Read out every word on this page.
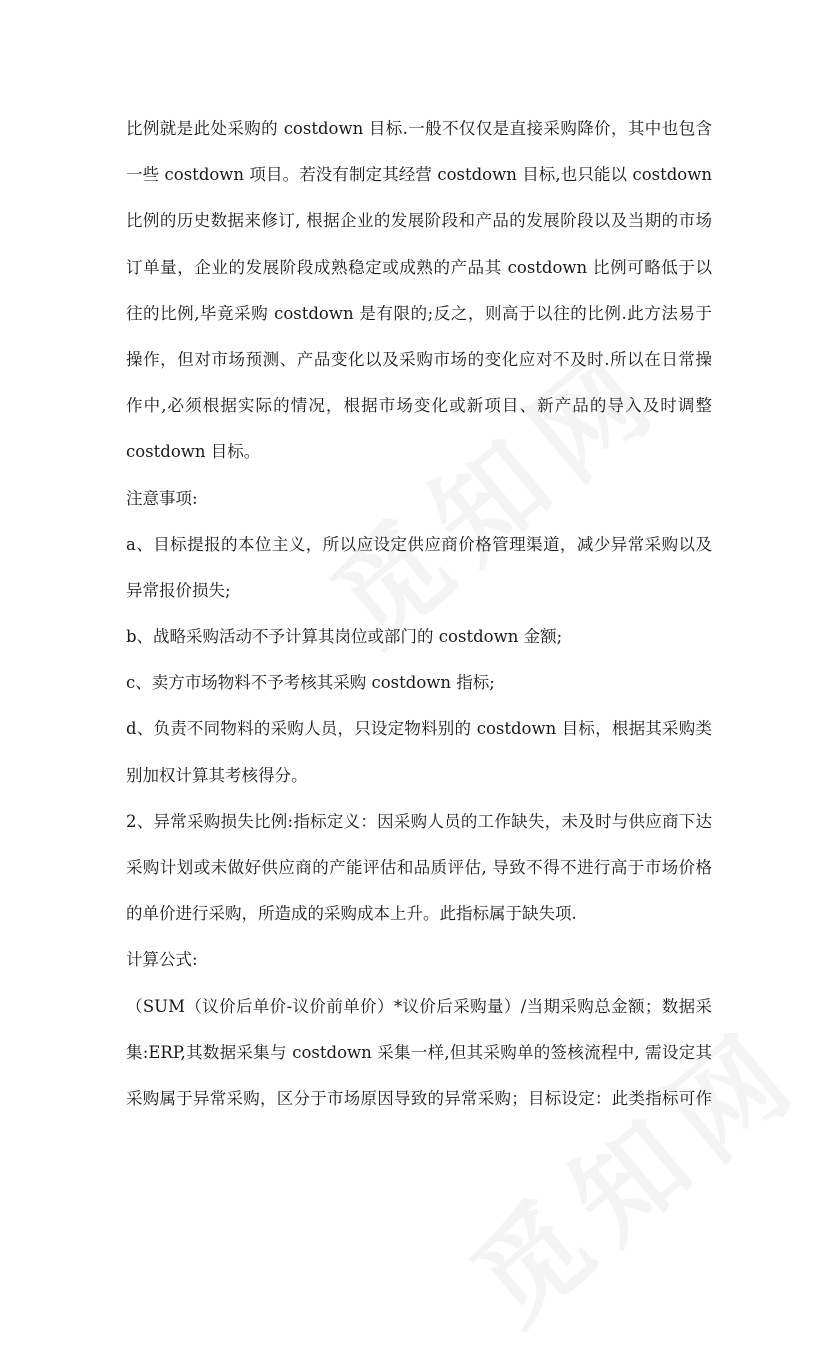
比例就是此处采购的 costdown 目标.一般不仅仅是直接采购降价，其中也包含
一些 costdown 项目。若没有制定其经营 costdown 目标,也只能以 costdown
比例的历史数据来修订, 根据企业的发展阶段和产品的发展阶段以及当期的市场
订单量，企业的发展阶段成熟稳定或成熟的产品其 costdown 比例可略低于以
往的比例,毕竟采购 costdown 是有限的;反之，则高于以往的比例.此方法易于
操作，但对市场预测、产品变化以及采购市场的变化应对不及时.所以在日常操
作中,必须根据实际的情况，根据市场变化或新项目、新产品的导入及时调整
costdown 目标。
注意事项:
a、目标提报的本位主义，所以应设定供应商价格管理渠道，减少异常采购以及
异常报价损失;
b、战略采购活动不予计算其岗位或部门的 costdown 金额;
c、卖方市场物料不予考核其采购 costdown 指标;
d、负责不同物料的采购人员，只设定物料别的 costdown 目标，根据其采购类
别加权计算其考核得分。
2、异常采购损失比例:指标定义：因采购人员的工作缺失，未及时与供应商下达
采购计划或未做好供应商的产能评估和品质评估, 导致不得不进行高于市场价格
的单价进行采购，所造成的采购成本上升。此指标属于缺失项.
计算公式:
（SUM（议价后单价-议价前单价）*议价后采购量）/当期采购总金额；数据采
集:ERP,其数据采集与 costdown 采集一样,但其采购单的签核流程中, 需设定其
采购属于异常采购，区分于市场原因导致的异常采购；目标设定：此类指标可作
